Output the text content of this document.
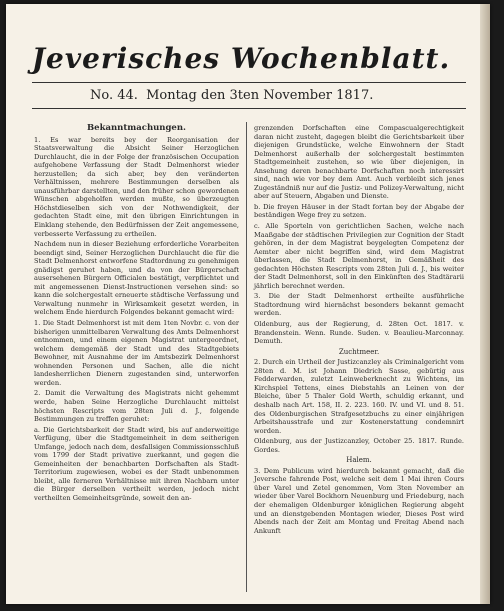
Jeverisches Wochenblatt.
No. 44. Montag den 3ten November 1817.
Bekanntmachungen.

1. Es war bereits bey der Reorganisation der Staatsverwaltung die Absicht Seiner Herzoglichen Durchlaucht, die in der Folge der französischen Occupation aufgehobene Verfassung der Stadt Delmenhorst wieder herzustellen; da sich aber, bey den veränderten Verhältnissen, mehrere Bestimmungen derselben als unausführbar darstellten, und den früher schon gewordenen Wünschen abgeholfen werden mußte, so überzeugten Höchstdieselben sich von der Nothwendigkeit, der gedachten Stadt eine, mit den übrigen Einrichtungen in Einklang stehende, den Bedürfnissen der Zeit angemessene, verbesserte Verfassung zu ertheilen.

Nachdem nun in dieser Beziehung erforderliche Vorarbeiten beendigt sind, Seiner Herzoglichen Durchlaucht die für die Stadt Delmenhorst entworfene Stadtordnung zu genehmigen gnädigst geruhet haben, und da von der Bürgerschaft ausersehenen Bürgern Officialen bestätigt, verpflichtet und mit angemessenen Dienst-Instructionen versehen sind: so kann die solchergestalt erneuerte städtische Verfassung und Verwaltung nunmehr in Wirksamkeit gesetzt werden, in welchem Ende hierdurch Folgendes bekannt gemacht wird:

1. Die Stadt Delmenhorst ist mit dem 1ten Novbr. c. von der bisherigen unmittelbaren Verwaltung des Amts Delmenhorst entnommen, und einem eigenen Magistrat untergeordnet, welchem demgemäß der Stadt und des Stadtgebiets Bewohner, mit Ausnahme der im Amtsbezirk Delmenhorst wohnenden Personen und Sachen, alle die nicht landesherrlichen Dienern zugestanden sind, unterworfen werden.

2. Damit die Verwaltung des Magistrats nicht gehemmt werde, haben Seine Herzogliche Durchlaucht mittelst höchsten Rescripts vom 28ten Juli d. J., folgende Bestimmungen zu treffen geruhet:

a. Die Gerichtsbarkeit der Stadt wird, bis auf anderweitige Verfügung, über die Stadtgemeinheit in dem seitherigen Umfange, jedoch nach dem, desfallsigen Commissionsschluß vom 1799 der Stadt privative zuerkannt, und gegen die Gemeinheiten der benachbarten Dorfschaften als Stadt-Territorium zugewiesen, wobei es der Stadt unbenommen bleibt, alle ferneren Verhältnisse mit ihren Nachbarn unter die Bürger derselben vertheilt werden, jedoch nicht vertheilten Gemeinheitsgründe, soweit den an-

grenzenden Dorfschaften eine Compascualgerechtigkeit daran nicht zusteht, dagegen bleibt die Gerichtsbarkeit über diejenigen Grundstücke, welche Einwohnern der Stadt Delmenhorst außerhalb der solchergestalt bestimmten Stadtgemeinheit zustehen, so wie über diejenigen, in Ansehung deren benachbarte Dorfschaften noch interessirt sind, nach wie vor bey dem Amt. Auch verbleibt sich jenes Zugeständniß nur auf die Justiz- und Polizey-Verwaltung, nicht aber auf Steuern, Abgaben und Dienste.

b. Die freyen Häuser in der Stadt fortan bey der Abgabe der beständigen Wege frey zu setzen.

c. Alle Sporteln von gerichtlichen Sachen, welche nach Maaßgabe der städtischen Privilegien zur Cognition der Stadt gehören, in der dem Magistrat beygelegten Competenz der Aemter aber nicht begriffen sind, wird dem Magistrat überlassen, die Stadt Delmenhorst, in Gemäßheit des gedachten Höchsten Rescripts vom 28ten Juli d. J., bis weiter der Stadt Delmenhorst, soll in den Einkünften des Stadtärarii jährlich berechnet werden.

3. Die der Stadt Delmenhorst ertheilte ausführliche Stadtordnung wird hiernächst besonders bekannt gemacht werden.

Oldenburg, aus der Regierung, d. 28ten Oct. 1817. v. Brandenstein. Wenn. Runde. Suden. v. Beaulieu-Marconnay. Demuth.

Zuchtmeer.

2. Durch ein Urtheil der Justizcanzley als Criminalgericht vom 28ten d. M. ist Johann Diedrich Sasse, gebürtig aus Fedderwarden, zuletzt Leinweberknecht zu Wichtens, im Kirchspiel Tettens, eines Diebstahls an Leinen von der Bleiche, über 5 Thaler Gold Werth, schuldig erkannt, und deshalb nach Art. 158, II. 2. 223. 160. IV. und VI. und 8. 51. des Oldenburgischen Strafgesetzbuchs zu einer einjährigen Arbeitshausstrafe und zur Kostenerstattung condemnirt worden.

Oldenburg, aus der Justizcanzley, October 25. 1817. Runde. Gordes.

Halem.

3. Dem Publicum wird hierdurch bekannt gemacht, daß die Jeversche fahrende Post, welche seit dem 1 Mai ihren Cours über Varel und Zetel genommen, Vom 3ten November an wieder über Varel Bockhorn Neuenburg und Friedeburg, nach der ehemaligen Oldenburger königlichen Regierung abgeht und an dienstgebenden Montagen wieder, Dieses Post wird Abends nach der Zeit am Montag und Freitag Abend nach Ankunft
